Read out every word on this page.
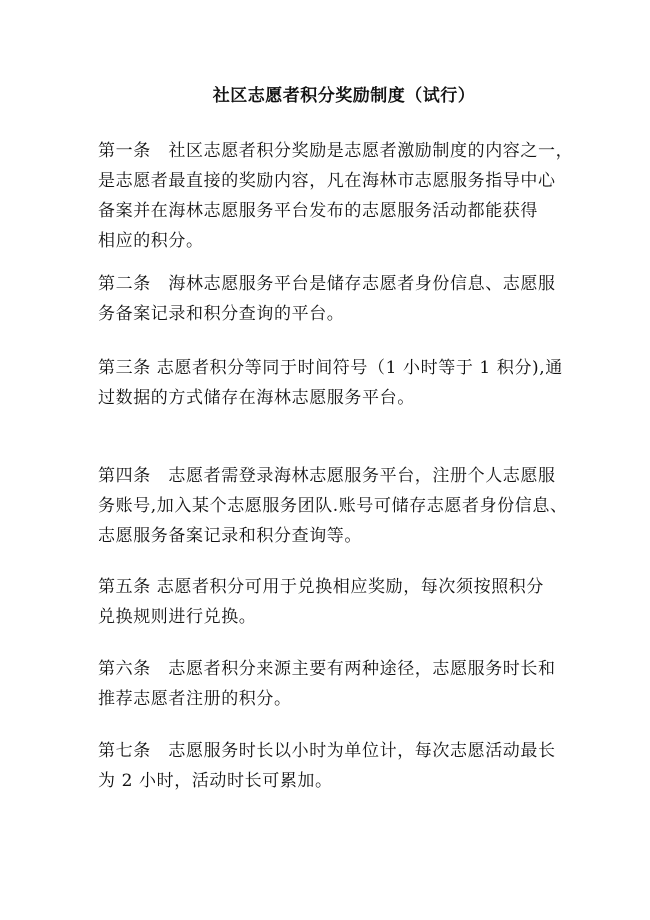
社区志愿者积分奖励制度（试行）
第一条　社区志愿者积分奖励是志愿者激励制度的内容之一，
是志愿者最直接的奖励内容，凡在海林市志愿服务指导中心
备案并在海林志愿服务平台发布的志愿服务活动都能获得
相应的积分。
第二条　海林志愿服务平台是储存志愿者身份信息、志愿服
务备案记录和积分查询的平台。
第三条 志愿者积分等同于时间符号（1 小时等于 1 积分),通
过数据的方式储存在海林志愿服务平台。
第四条　志愿者需登录海林志愿服务平台，注册个人志愿服
务账号,加入某个志愿服务团队.账号可储存志愿者身份信息、
志愿服务备案记录和积分查询等。
第五条 志愿者积分可用于兑换相应奖励，每次须按照积分
兑换规则进行兑换。
第六条　志愿者积分来源主要有两种途径，志愿服务时长和
推荐志愿者注册的积分。
第七条　志愿服务时长以小时为单位计，每次志愿活动最长
为 2 小时，活动时长可累加。
